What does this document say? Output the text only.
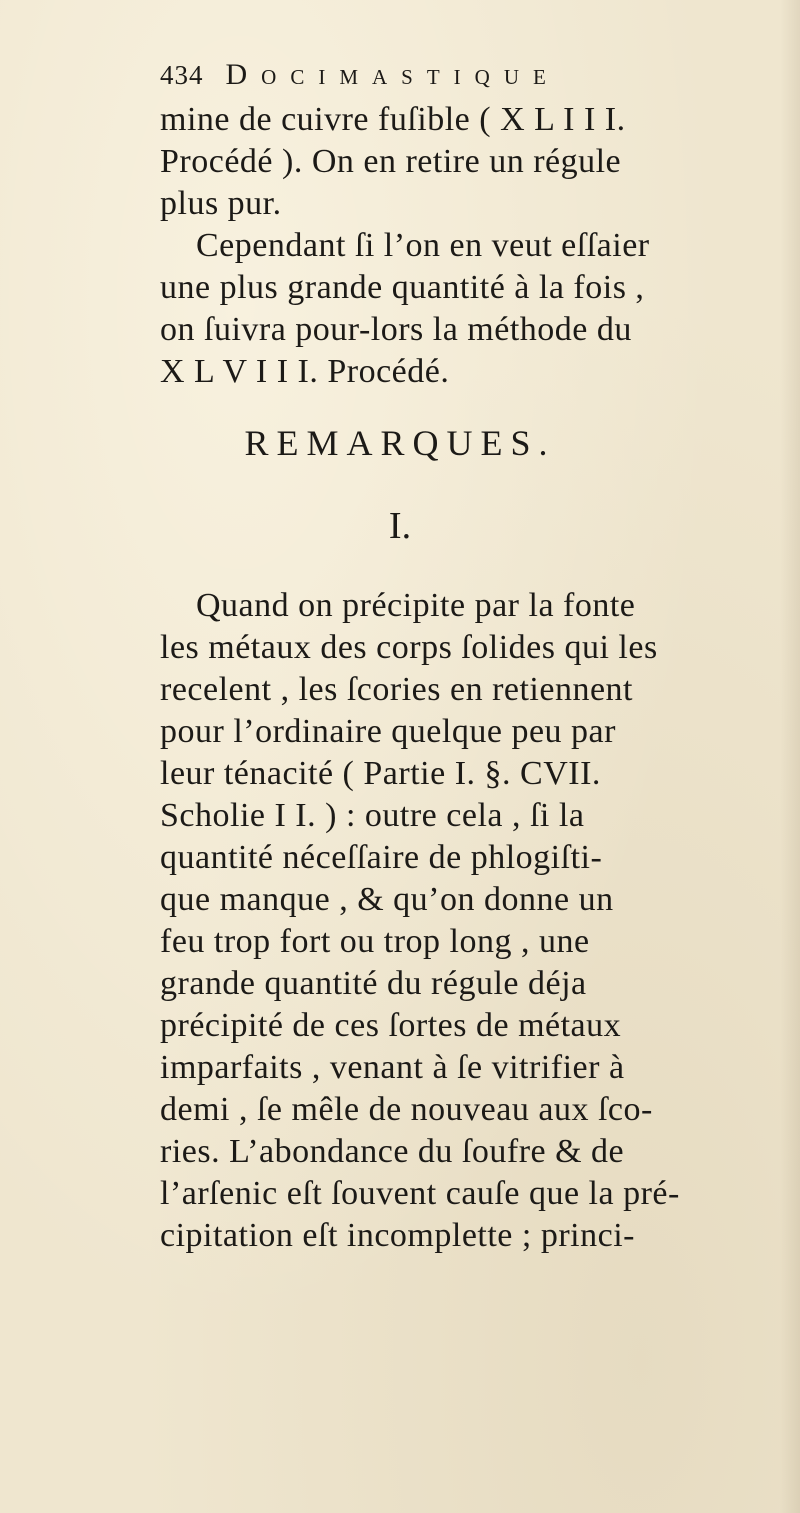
434 Docimastique
mine de cuivre fuſible ( X L I I I.
Procédé ). On en retire un régule
plus pur.
Cependant ſi l’on en veut eſſaier
une plus grande quantité à la fois ,
on ſuivra pour-lors la méthode du
X L V I I I. Procédé.
REMARQUES.
I.
Quand on précipite par la fonte
les métaux des corps ſolides qui les
recelent , les ſcories en retiennent
pour l’ordinaire quelque peu par
leur ténacité ( Partie I. §. CVII.
Scholie I I. ) : outre cela , ſi la
quantité néceſſaire de phlogiſti-
que manque , & qu’on donne un
feu trop fort ou trop long , une
grande quantité du régule déja
précipité de ces ſortes de métaux
imparfaits , venant à ſe vitrifier à
demi , ſe mêle de nouveau aux ſco-
ries. L’abondance du ſoufre & de
l’arſenic eſt ſouvent cauſe que la pré-
cipitation eſt incomplette ; princi-
